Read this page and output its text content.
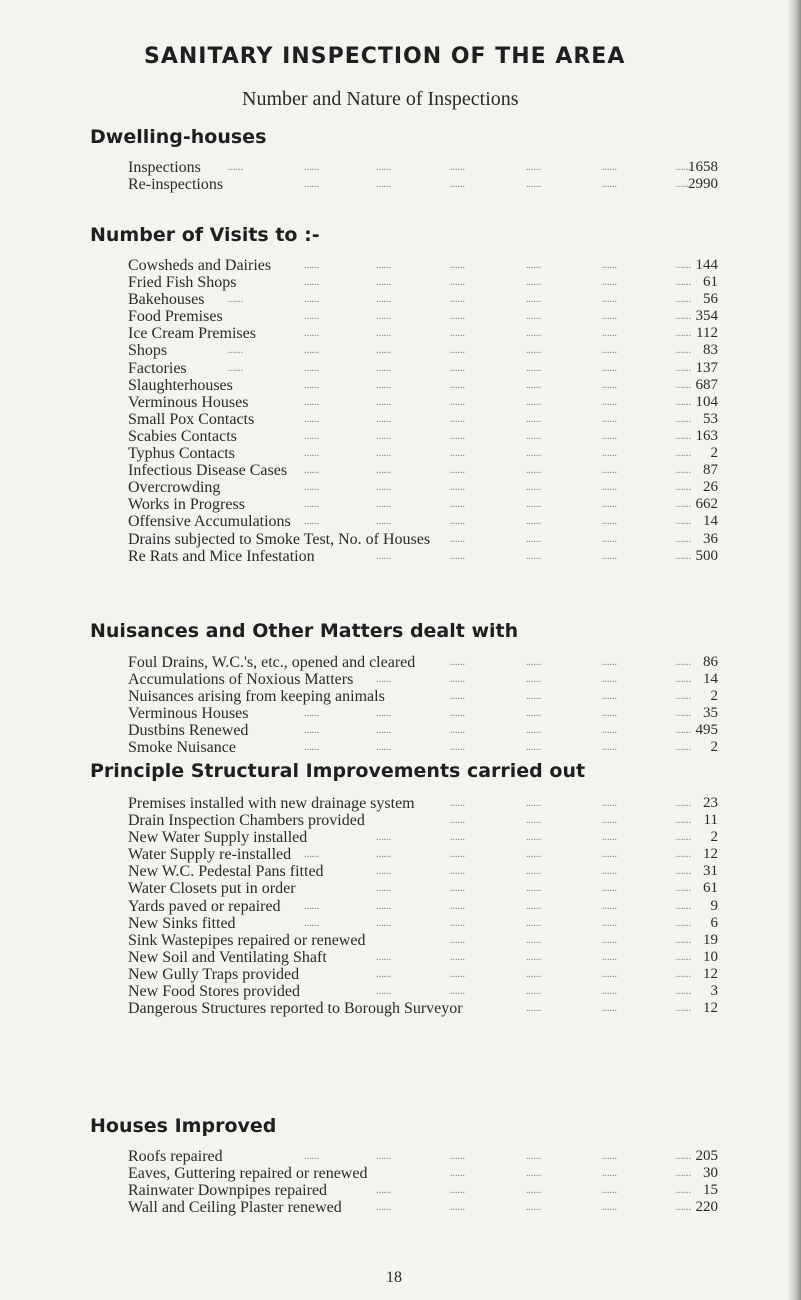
SANITARY INSPECTION OF THE AREA
Number and Nature of Inspections
Dwelling-houses
Inspections	1658
......	......	......	......	......	......	......
Re-inspections	2990
......	......	......	......	......	......
Number of Visits to :-
Cowsheds and Dairies	144
......	......	......	......	......	......
Fried Fish Shops	61
......	......	......	......	......	......
Bakehouses	56
......	......	......	......	......	......	......
Food Premises	354
......	......	......	......	......	......
Ice Cream Premises	112
......	......	......	......	......	......
Shops	83
......	......	......	......	......	......	......
Factories	137
......	......	......	......	......	......	......
Slaughterhouses	687
......	......	......	......	......	......
Verminous Houses	104
......	......	......	......	......	......
Small Pox Contacts	53
......	......	......	......	......	......
Scabies Contacts	163
......	......	......	......	......	......
Typhus Contacts	2
......	......	......	......	......	......
Infectious Disease Cases	87
......	......	......	......	......	......
Overcrowding	26
......	......	......	......	......	......
Works in Progress	662
......	......	......	......	......	......
Offensive Accumulations	14
......	......	......	......	......	......
Drains subjected to Smoke Test, No. of Houses	36
......	......	......	......
Re Rats and Mice Infestation	500
......	......	......	......	......
Nuisances and Other Matters dealt with
Foul Drains, W.C.'s, etc., opened and cleared	86
......	......	......	......
Accumulations of Noxious Matters	14
......	......	......	......	......
Nuisances arising from keeping animals	2
......	......	......	......
Verminous Houses	35
......	......	......	......	......	......
Dustbins Renewed	495
......	......	......	......	......	......
Smoke Nuisance	2
......	......	......	......	......	......
Principle Structural Improvements carried out
Premises installed with new drainage system	23
......	......	......	......
Drain Inspection Chambers provided	11
......	......	......	......
New Water Supply installed	2
......	......	......	......	......
Water Supply re-installed	12
......	......	......	......	......	......
New W.C. Pedestal Pans fitted	31
......	......	......	......	......
Water Closets put in order	61
......	......	......	......	......
Yards paved or repaired	9
......	......	......	......	......	......
New Sinks fitted	6
......	......	......	......	......	......
Sink Wastepipes repaired or renewed	19
......	......	......	......
New Soil and Ventilating Shaft	10
......	......	......	......	......
New Gully Traps provided	12
......	......	......	......	......
New Food Stores provided	3
......	......	......	......	......
Dangerous Structures reported to Borough Surveyor	12
......	......	......
Houses Improved
Roofs repaired	205
......	......	......	......	......	......
Eaves, Guttering repaired or renewed	30
......	......	......	......
Rainwater Downpipes repaired	15
......	......	......	......	......
Wall and Ceiling Plaster renewed	220
......	......	......	......	......
18
